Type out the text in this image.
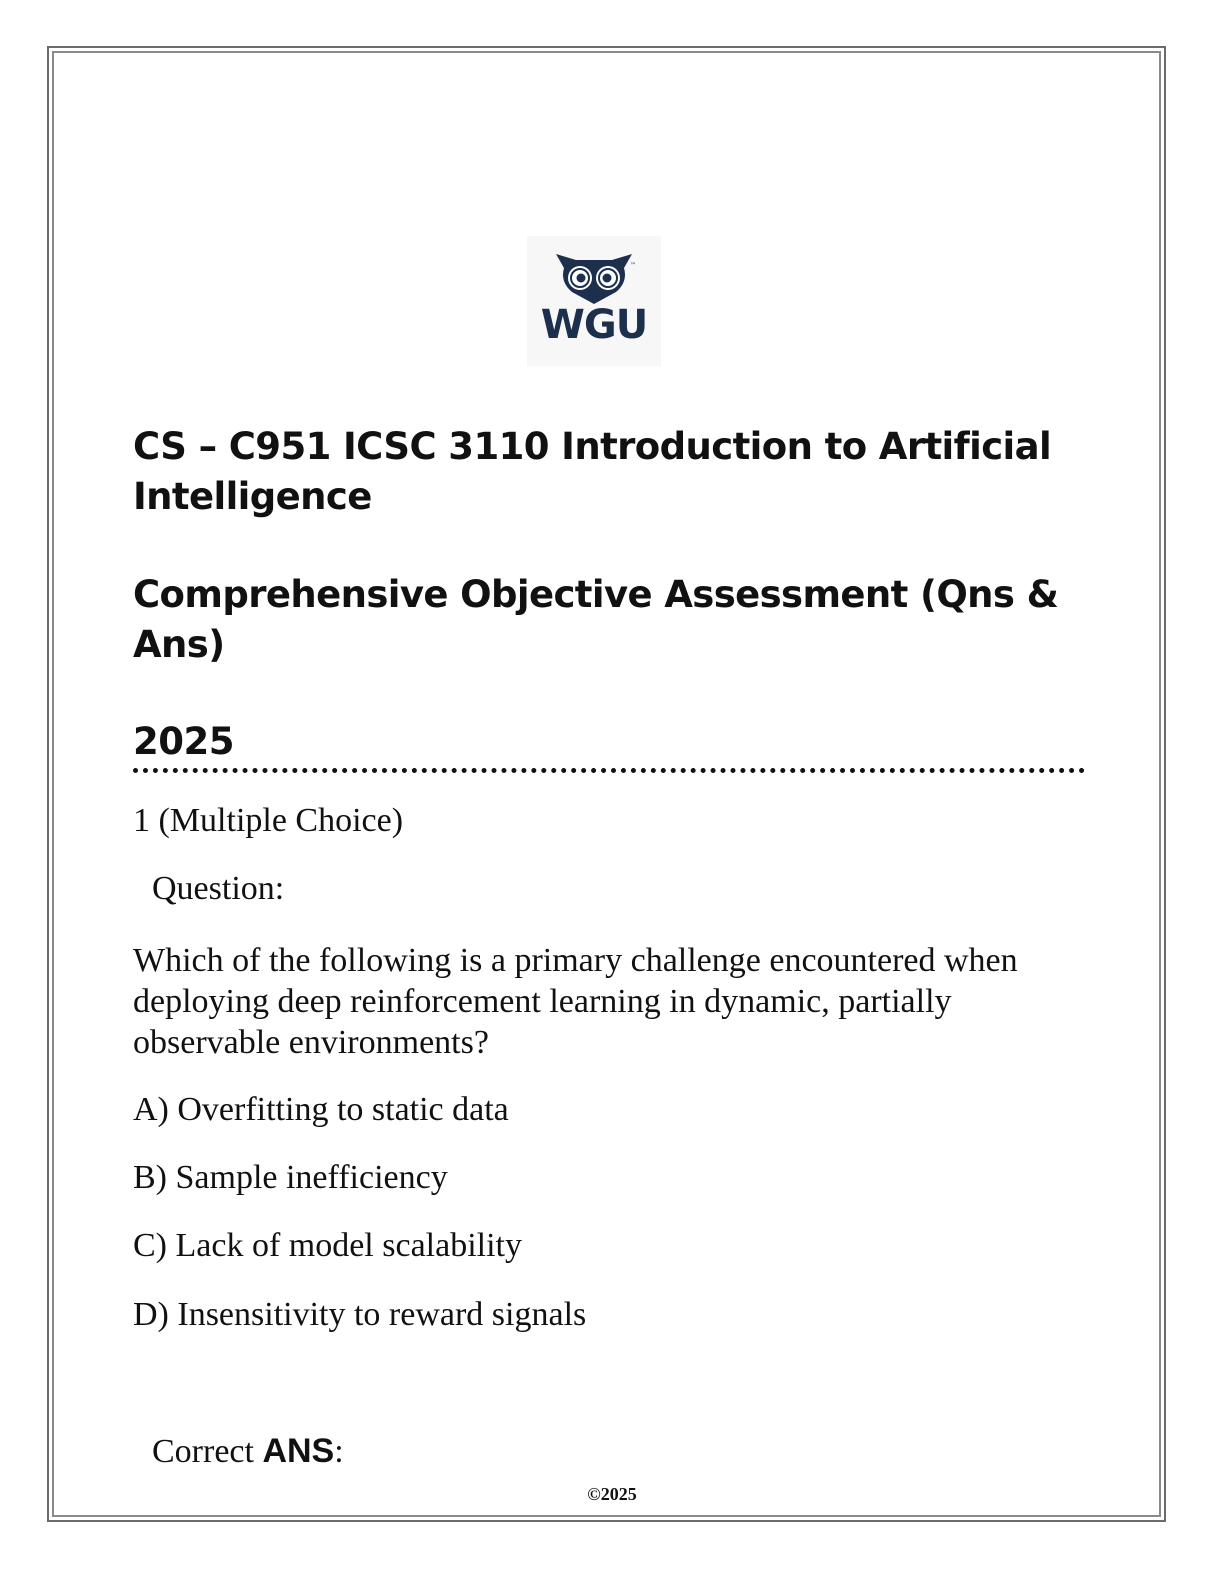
™
WGU
CS – C951 ICSC 3110 Introduction to Artificial Intelligence
Comprehensive Objective Assessment (Qns & Ans)
2025
1 (Multiple Choice)
Question:
Which of the following is a primary challenge encountered when deploying deep reinforcement learning in dynamic, partially observable environments?
A) Overfitting to static data
B) Sample inefficiency
C) Lack of model scalability
D) Insensitivity to reward signals
Correct ANS:
©2025
